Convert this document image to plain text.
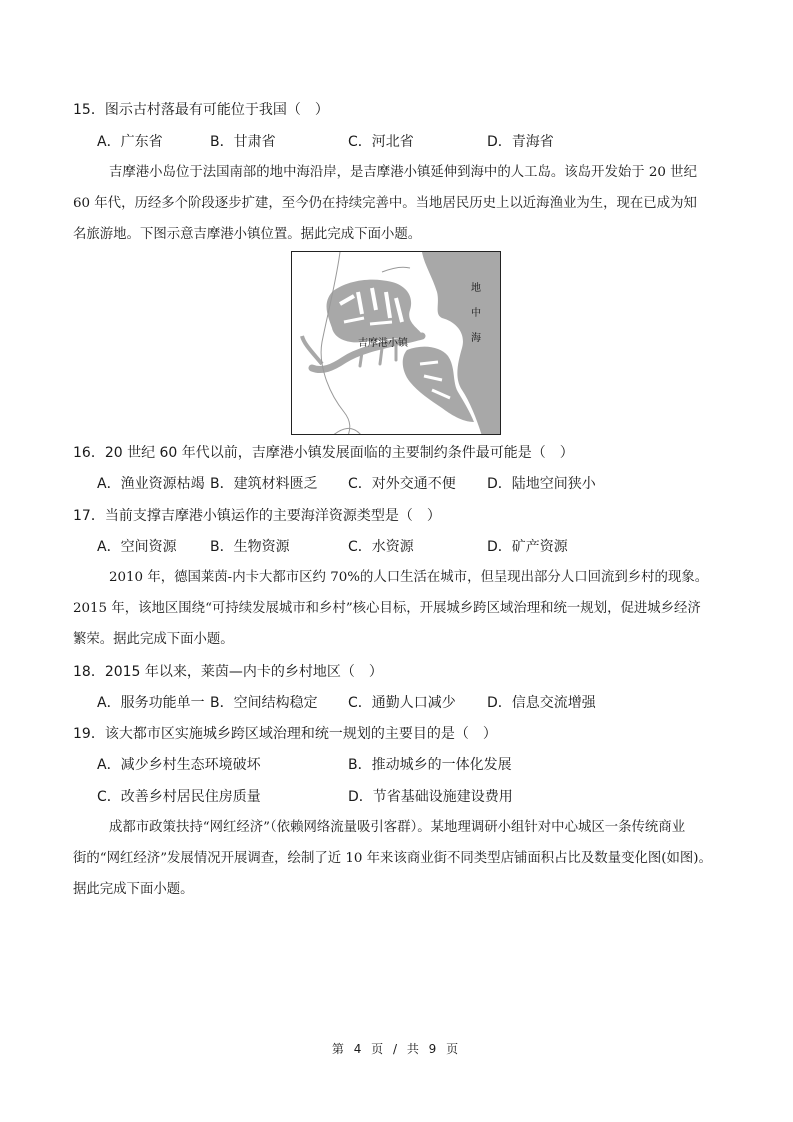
15．图示古村落最有可能位于我国（　）
A．广东省	B．甘肃省	C．河北省	D．青海省
吉摩港小岛位于法国南部的地中海沿岸，是吉摩港小镇延伸到海中的人工岛。该岛开发始于 20 世纪
60 年代，历经多个阶段逐步扩建，至今仍在持续完善中。当地居民历史上以近海渔业为生，现在已成为知
名旅游地。下图示意吉摩港小镇位置。据此完成下面小题。
吉摩港小镇
地
中
海
16．20 世纪 60 年代以前，吉摩港小镇发展面临的主要制约条件最可能是（　）
A．渔业资源枯竭 B．建筑材料匮乏 C．对外交通不便 D．陆地空间狭小
17．当前支撑吉摩港小镇运作的主要海洋资源类型是（　）
A．空间资源 B．生物资源	C．水资源	D．矿产资源
2010 年，德国莱茵-内卡大都市区约 70%的人口生活在城市，但呈现出部分人口回流到乡村的现象。
2015 年，该地区围绕“可持续发展城市和乡村”核心目标，开展城乡跨区域治理和统一规划，促进城乡经济
繁荣。据此完成下面小题。
18．2015 年以来，莱茵—内卡的乡村地区（　）
A．服务功能单一 B．空间结构稳定 C．通勤人口减少 D．信息交流增强
19．该大都市区实施城乡跨区域治理和统一规划的主要目的是（　）
A．减少乡村生态环境破坏	B．推动城乡的一体化发展
C．改善乡村居民住房质量	D．节省基础设施建设费用
成都市政策扶持“网红经济”（依赖网络流量吸引客群）。某地理调研小组针对中心城区一条传统商业
街的“网红经济”发展情况开展调查，绘制了近 10 年来该商业街不同类型店铺面积占比及数量变化图(如图)。
据此完成下面小题。
第 4 页 / 共 9 页
